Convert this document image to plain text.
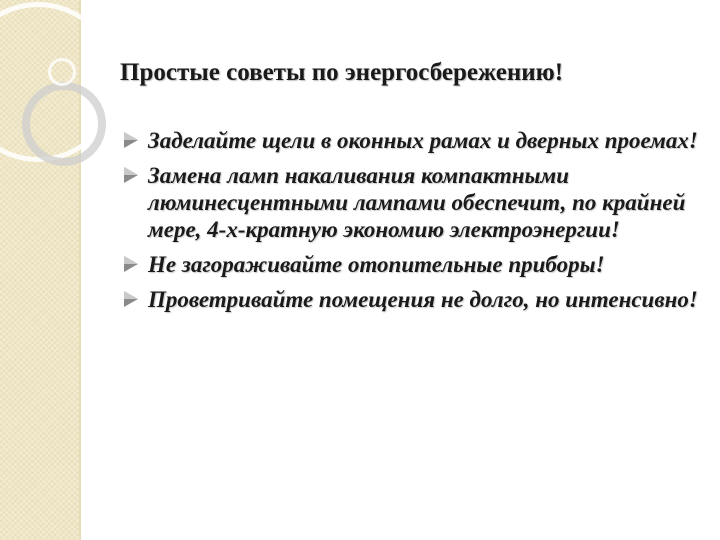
Простые советы по энергосбережению!
Заделайте щели в оконных рамах и дверных проемах!
Замена ламп накаливания компактными люминесцентными лампами обеспечит, по крайней мере, 4-х-кратную экономию электроэнергии!
Не загораживайте отопительные приборы!
Проветривайте помещения не долго, но интенсивно!
